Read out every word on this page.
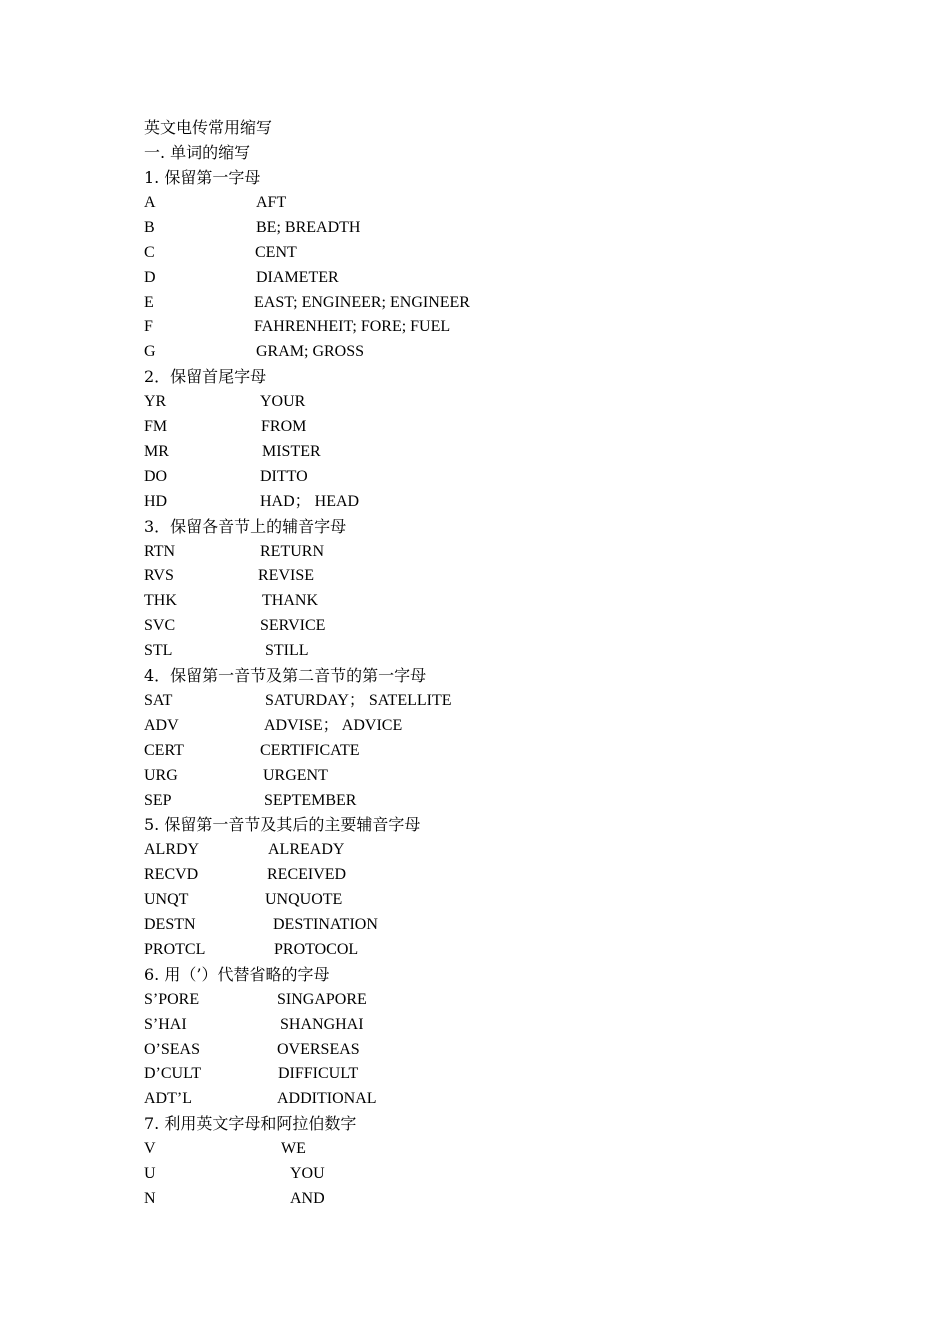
英文电传常用缩写
一. 单词的缩写
1. 保留第一字母
A	AFT
B	BE; BREADTH
C	CENT
D	DIAMETER
E	EAST; ENGINEER; ENGINEER
F	FAHRENHEIT; FORE; FUEL
G	GRAM; GROSS
2．保留首尾字母
YR	YOUR
FM	FROM
MR	MISTER
DO	DITTO
HD	HAD； HEAD
3．保留各音节上的辅音字母
RTN	RETURN
RVS	REVISE
THK	THANK
SVC	SERVICE
STL	STILL
4．保留第一音节及第二音节的第一字母
SAT	SATURDAY； SATELLITE
ADV	ADVISE； ADVICE
CERT	CERTIFICATE
URG	URGENT
SEP	SEPTEMBER
5. 保留第一音节及其后的主要辅音字母
ALRDY	ALREADY
RECVD	RECEIVED
UNQT	UNQUOTE
DESTN	DESTINATION
PROTCL	PROTOCOL
6. 用（’）代替省略的字母
S’PORE	SINGAPORE
S’HAI	SHANGHAI
O’SEAS	OVERSEAS
D’CULT	DIFFICULT
ADT’L	ADDITIONAL
7. 利用英文字母和阿拉伯数字
V	WE
U	YOU
N	AND
